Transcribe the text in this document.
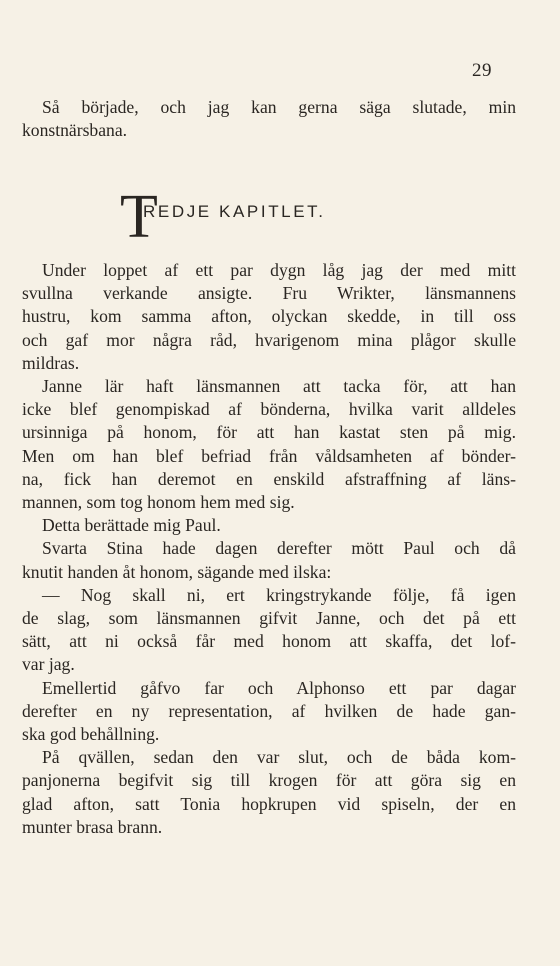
29
Så började, och jag kan gerna säga slutade, min
konstnärsbana.
T
REDJE KAPITLET.
Under loppet af ett par dygn låg jag der med mitt
svullna verkande ansigte. Fru Wrikter, länsmannens
hustru, kom samma afton, olyckan skedde, in till oss
och gaf mor några råd, hvarigenom mina plågor skulle
mildras.
Janne lär haft länsmannen att tacka för, att han
icke blef genompiskad af bönderna, hvilka varit alldeles
ursinniga på honom, för att han kastat sten på mig.
Men om han blef befriad från våldsamheten af bönder-
na, fick han deremot en enskild afstraffning af läns-
mannen, som tog honom hem med sig.
Detta berättade mig Paul.
Svarta Stina hade dagen derefter mött Paul och då
knutit handen åt honom, sägande med ilska:
— Nog skall ni, ert kringstrykande följe, få igen
de slag, som länsmannen gifvit Janne, och det på ett
sätt, att ni också får med honom att skaffa, det lof-
var jag.
Emellertid gåfvo far och Alphonso ett par dagar
derefter en ny representation, af hvilken de hade gan-
ska god behållning.
På qvällen, sedan den var slut, och de båda kom-
panjonerna begifvit sig till krogen för att göra sig en
glad afton, satt Tonia hopkrupen vid spiseln, der en
munter brasa brann.
